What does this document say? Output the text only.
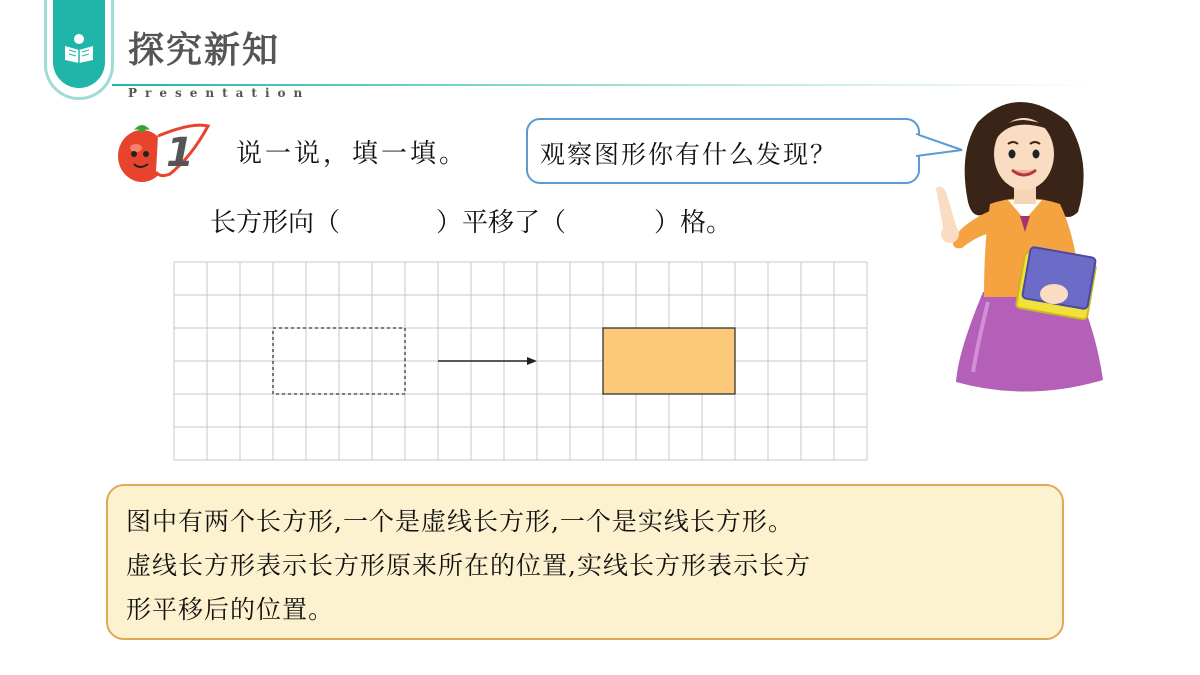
探究新知
Presentation
1 说一说，填一填。	观察图形你有什么发现？
长方形向（	）平移了（	）格。
图中有两个长方形,一个是虚线长方形,一个是实线长方形。
虚线长方形表示长方形原来所在的位置,实线长方形表示长方
形平移后的位置。
